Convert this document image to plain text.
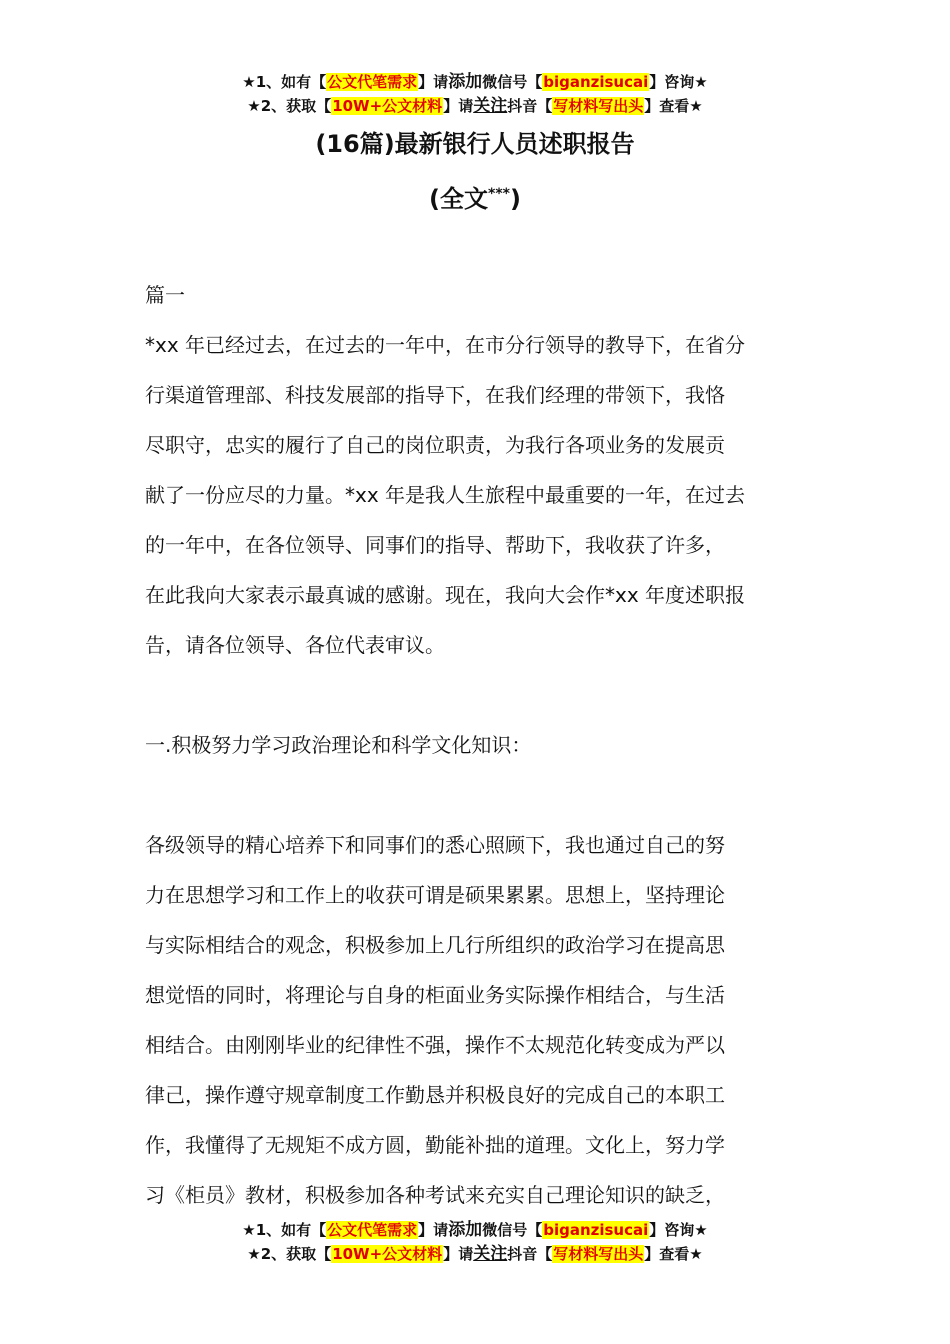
★1、如有【公文代笔需求】请添加微信号【biganzisucai】咨询★
★2、获取【10W+公文材料】请关注抖音【写材料写出头】查看★
(16篇)最新银行人员述职报告
(全文***)

篇一

*xx 年已经过去，在过去的一年中，在市分行领导的教导下，在省分

行渠道管理部、科技发展部的指导下，在我们经理的带领下，我恪

尽职守，忠实的履行了自己的岗位职责，为我行各项业务的发展贡

献了一份应尽的力量。*xx 年是我人生旅程中最重要的一年，在过去

的一年中，在各位领导、同事们的指导、帮助下，我收获了许多，

在此我向大家表示最真诚的感谢。现在，我向大会作*xx 年度述职报

告，请各位领导、各位代表审议。

一.积极努力学习政治理论和科学文化知识：

各级领导的精心培养下和同事们的悉心照顾下，我也通过自己的努

力在思想学习和工作上的收获可谓是硕果累累。思想上，坚持理论

与实际相结合的观念，积极参加上几行所组织的政治学习在提高思

想觉悟的同时，将理论与自身的柜面业务实际操作相结合，与生活

相结合。由刚刚毕业的纪律性不强，操作不太规范化转变成为严以

律己，操作遵守规章制度工作勤恳并积极良好的完成自己的本职工

作，我懂得了无规矩不成方圆，勤能补拙的道理。文化上，努力学

习《柜员》教材，积极参加各种考试来充实自己理论知识的缺乏，

★1、如有【公文代笔需求】请添加微信号【biganzisucai】咨询★
★2、获取【10W+公文材料】请关注抖音【写材料写出头】查看★
